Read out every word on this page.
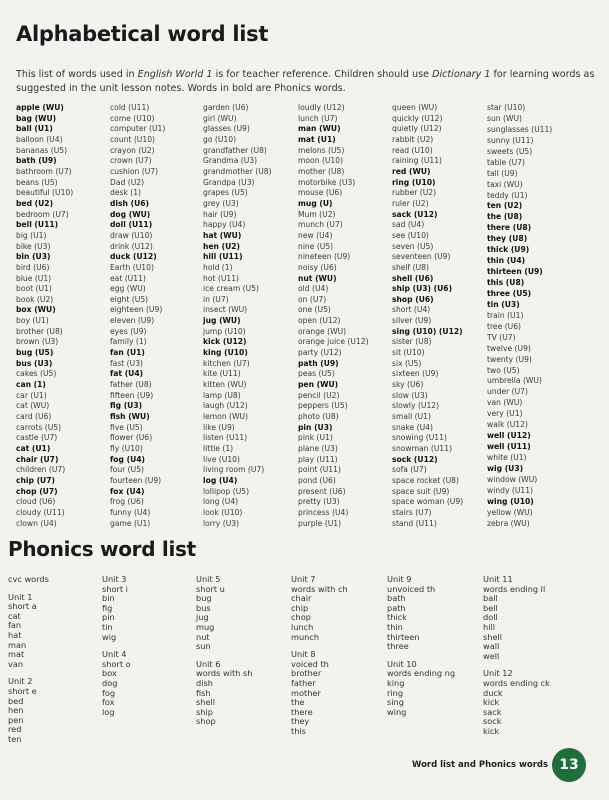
Alphabetical word list
This list of words used in English World 1 is for teacher reference. Children should use Dictionary 1 for learning words as suggested in the unit lesson notes. Words in bold are Phonics words.
apple (WU)
bag (WU)
ball (U1)
balloon (U4)
bananas (U5)
bath (U9)
bathroom (U7)
beans (U5)
beautiful (U10)
bed (U2)
bedroom (U7)
bell (U11)
big (U1)
bike (U3)
bin (U3)
bird (U6)
blue (U1)
boot (U1)
book (U2)
box (WU)
boy (U1)
brother (U8)
brown (U3)
bug (U5)
bus (U3)
cakes (U5)
can (1)
car (U1)
cat (WU)
card (U6)
carrots (U5)
castle (U7)
cat (U1)
chair (U7)
children (U7)
chip (U7)
chop (U7)
cloud (U6)
cloudy (U11)
clown (U4)
cold (U11)
come (U10)
computer (U1)
count (U10)
crayon (U2)
crown (U7)
cushion (U7)
Dad (U2)
desk (1)
dish (U6)
dog (WU)
doll (U11)
draw (U10)
drink (U12)
duck (U12)
Earth (U10)
eat (U11)
egg (WU)
eight (U5)
eighteen (U9)
eleven (U9)
eyes (U9)
family (1)
fan (U1)
fast (U3)
fat (U4)
father (U8)
fifteen (U9)
fig (U3)
fish (WU)
five (U5)
flower (U6)
fly (U10)
fog (U4)
four (U5)
fourteen (U9)
fox (U4)
frog (U6)
funny (U4)
game (U1)
garden (U6)
girl (WU)
glasses (U9)
go (U10)
grandfather (U8)
Grandma (U3)
grandmother (U8)
Grandpa (U3)
grapes (U5)
grey (U3)
hair (U9)
happy (U4)
hat (WU)
hen (U2)
hill (U11)
hold (1)
hot (U11)
ice cream (U5)
in (U7)
insect (WU)
jug (WU)
jump (U10)
kick (U12)
king (U10)
kitchen (U7)
kite (U11)
kitten (WU)
lamp (U8)
laugh (U12)
lemon (WU)
like (U9)
listen (U11)
little (1)
live (U10)
living room (U7)
log (U4)
lollipop (U5)
long (U4)
look (U10)
lorry (U3)
loudly (U12)
lunch (U7)
man (WU)
mat (U1)
melons (U5)
moon (U10)
mother (U8)
motorbike (U3)
mouse (U6)
mug (U)
Mum (U2)
munch (U7)
new (U4)
nine (U5)
nineteen (U9)
noisy (U6)
nut (WU)
old (U4)
on (U7)
one (U5)
open (U12)
orange (WU)
orange juice (U12)
party (U12)
path (U9)
peas (U5)
pen (WU)
pencil (U2)
peppers (U5)
photo (U8)
pin (U3)
pink (U1)
plane (U3)
play (U11)
point (U11)
pond (U6)
present (U6)
pretty (U3)
princess (U4)
purple (U1)
queen (WU)
quickly (U12)
quietly (U12)
rabbit (U2)
read (U10)
raining (U11)
red (WU)
ring (U10)
rubber (U2)
ruler (U2)
sack (U12)
sad (U4)
see (U10)
seven (U5)
seventeen (U9)
shelf (U8)
shell (U6)
ship (U3) (U6)
shop (U6)
short (U4)
silver (U9)
sing (U10) (U12)
sister (U8)
sit (U10)
six (U5)
sixteen (U9)
sky (U6)
slow (U3)
slowly (U12)
small (U1)
snake (U4)
snowing (U11)
snowman (U11)
sock (U12)
sofa (U7)
space rocket (U8)
space suit (U9)
space woman (U9)
stairs (U7)
stand (U11)
star (U10)
sun (WU)
sunglasses (U11)
sunny (U11)
sweets (U5)
table (U7)
tall (U9)
taxi (WU)
teddy (U1)
ten (U2)
the (U8)
there (U8)
they (U8)
thick (U9)
thin (U4)
thirteen (U9)
this (U8)
three (U5)
tin (U3)
train (U1)
tree (U6)
TV (U7)
twelve (U9)
twenty (U9)
two (U5)
umbrella (WU)
under (U7)
van (WU)
very (U1)
walk (U12)
well (U12)
well (U11)
white (U1)
wig (U3)
window (WU)
windy (U11)
wing (U10)
yellow (WU)
zebra (WU)
Phonics word list
cvc words
Unit 1
short a
cat
fan
hat
man
mat
van
Unit 2
short e
bed
hen
pen
red
ten
Unit 3
short i
bin
fig
pin
tin
wig
Unit 4
short o
box
dog
fog
fox
log
Unit 5
short u
bug
bus
jug
mug
nut
sun
Unit 6
words with sh
dish
fish
shell
ship
shop
Unit 7
words with ch
chair
chip
chop
lunch
munch
Unit 8
voiced th
brother
father
mother
the
there
they
this
Unit 9
unvoiced th
bath
path
thick
thin
thirteen
three
Unit 10
words ending ng
king
ring
sing
wing
Unit 11
words ending ll
ball
bell
doll
hill
shell
wall
well
Unit 12
words ending ck
duck
kick
sack
sock
kick
Word list and Phonics words 13
